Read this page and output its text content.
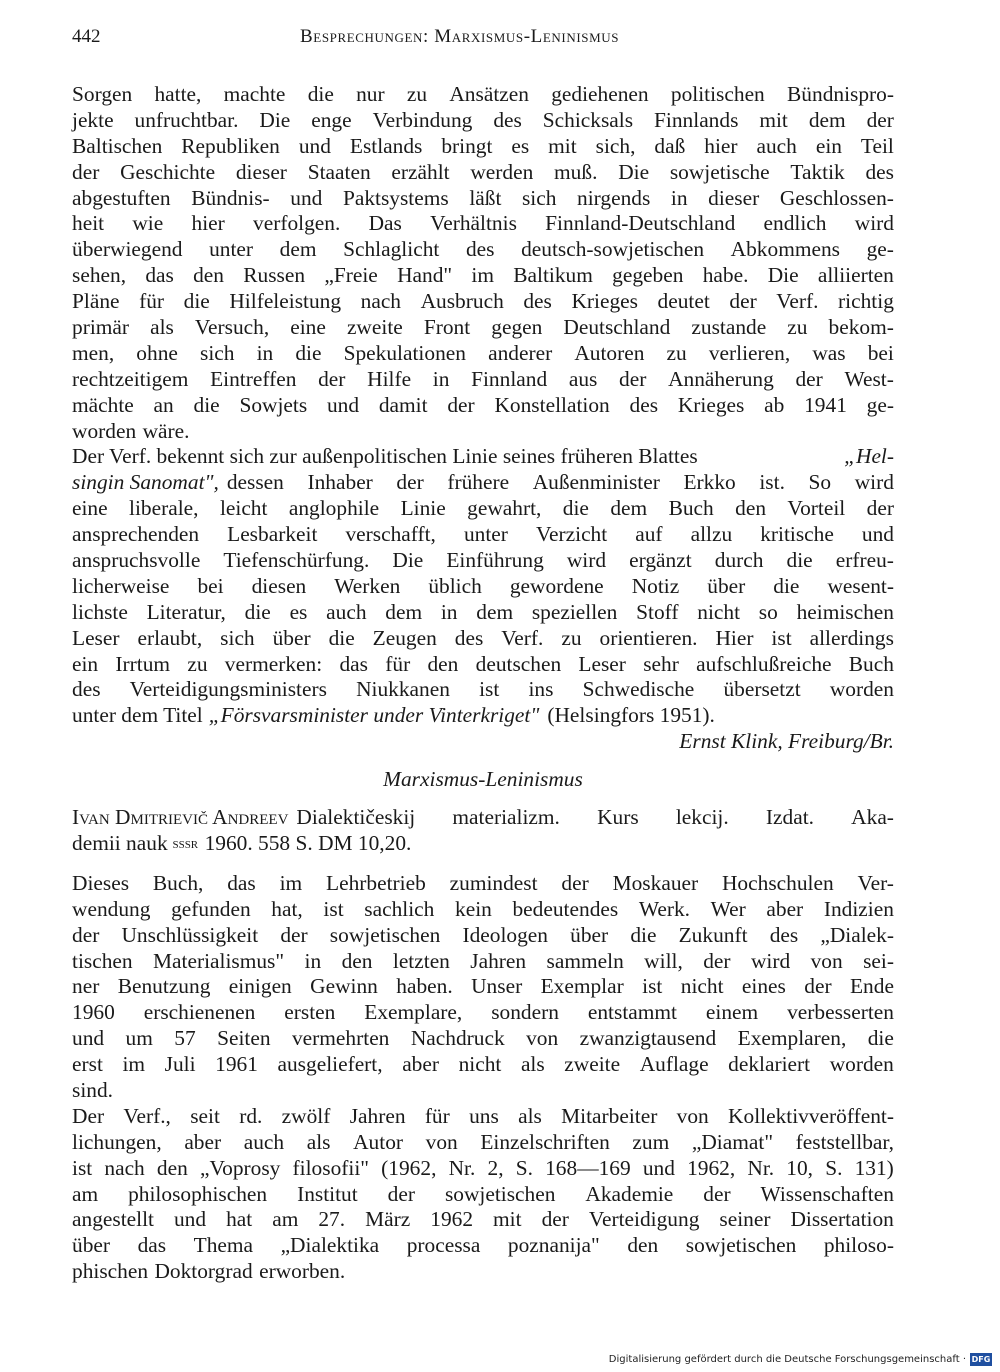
442	Besprechungen: Marxismus-Leninismus
Sorgen hatte, machte die nur zu Ansätzen gediehenen politischen Bündnispro-
jekte unfruchtbar. Die enge Verbindung des Schicksals Finnlands mit dem der
Baltischen Republiken und Estlands bringt es mit sich, daß hier auch ein Teil
der Geschichte dieser Staaten erzählt werden muß. Die sowjetische Taktik des
abgestuften Bündnis- und Paktsystems läßt sich nirgends in dieser Geschlossen-
heit wie hier verfolgen. Das Verhältnis Finnland-Deutschland endlich wird
überwiegend unter dem Schlaglicht des deutsch-sowjetischen Abkommens ge-
sehen, das den Russen „Freie Hand" im Baltikum gegeben habe. Die alliierten
Pläne für die Hilfeleistung nach Ausbruch des Krieges deutet der Verf. richtig
primär als Versuch, eine zweite Front gegen Deutschland zustande zu bekom-
men, ohne sich in die Spekulationen anderer Autoren zu verlieren, was bei
rechtzeitigem Eintreffen der Hilfe in Finnland aus der Annäherung der West-
mächte an die Sowjets und damit der Konstellation des Krieges ab 1941 ge-
worden wäre.
Der Verf. bekennt sich zur außenpolitischen Linie seines früheren Blattes	„Hel-
singin Sanomat", dessen Inhaber der frühere Außenminister Erkko ist. So wird
eine liberale, leicht anglophile Linie gewahrt, die dem Buch den Vorteil der
ansprechenden Lesbarkeit verschafft, unter Verzicht auf allzu kritische und
anspruchsvolle Tiefenschürfung. Die Einführung wird ergänzt durch die erfreu-
licherweise bei diesen Werken üblich gewordene Notiz über die wesent-
lichste Literatur, die es auch dem in dem speziellen Stoff nicht so heimischen
Leser erlaubt, sich über die Zeugen des Verf. zu orientieren. Hier ist allerdings
ein Irrtum zu vermerken: das für den deutschen Leser sehr aufschlußreiche Buch
des Verteidigungsministers Niukkanen ist ins Schwedische übersetzt worden
unter dem Titel „Försvarsminister under Vinterkriget" (Helsingfors 1951).
Ernst Klink, Freiburg/Br.
Marxismus-Leninismus
Ivan Dmitrievič Andreev Dialektičeskij materializm. Kurs lekcij. Izdat. Aka-
demii nauk sssr 1960. 558 S. DM 10,20.
Dieses Buch, das im Lehrbetrieb zumindest der Moskauer Hochschulen Ver-
wendung gefunden hat, ist sachlich kein bedeutendes Werk. Wer aber Indizien
der Unschlüssigkeit der sowjetischen Ideologen über die Zukunft des „Dialek-
tischen Materialismus" in den letzten Jahren sammeln will, der wird von sei-
ner Benutzung einigen Gewinn haben. Unser Exemplar ist nicht eines der Ende
1960 erschienenen ersten Exemplare, sondern entstammt einem verbesserten
und um 57 Seiten vermehrten Nachdruck von zwanzigtausend Exemplaren, die
erst im Juli 1961 ausgeliefert, aber nicht als zweite Auflage deklariert worden
sind.
Der Verf., seit rd. zwölf Jahren für uns als Mitarbeiter von Kollektivveröffent-
lichungen, aber auch als Autor von Einzelschriften zum „Diamat" feststellbar,
ist nach den „Voprosy filosofii" (1962, Nr. 2, S. 168—169 und 1962, Nr. 10, S. 131)
am philosophischen Institut der sowjetischen Akademie der Wissenschaften
angestellt und hat am 27. März 1962 mit der Verteidigung seiner Dissertation
über das Thema „Dialektika processa poznanija" den sowjetischen philoso-
phischen Doktorgrad erworben.
Digitalisierung gefördert durch die Deutsche Forschungsgemeinschaft · DFG
